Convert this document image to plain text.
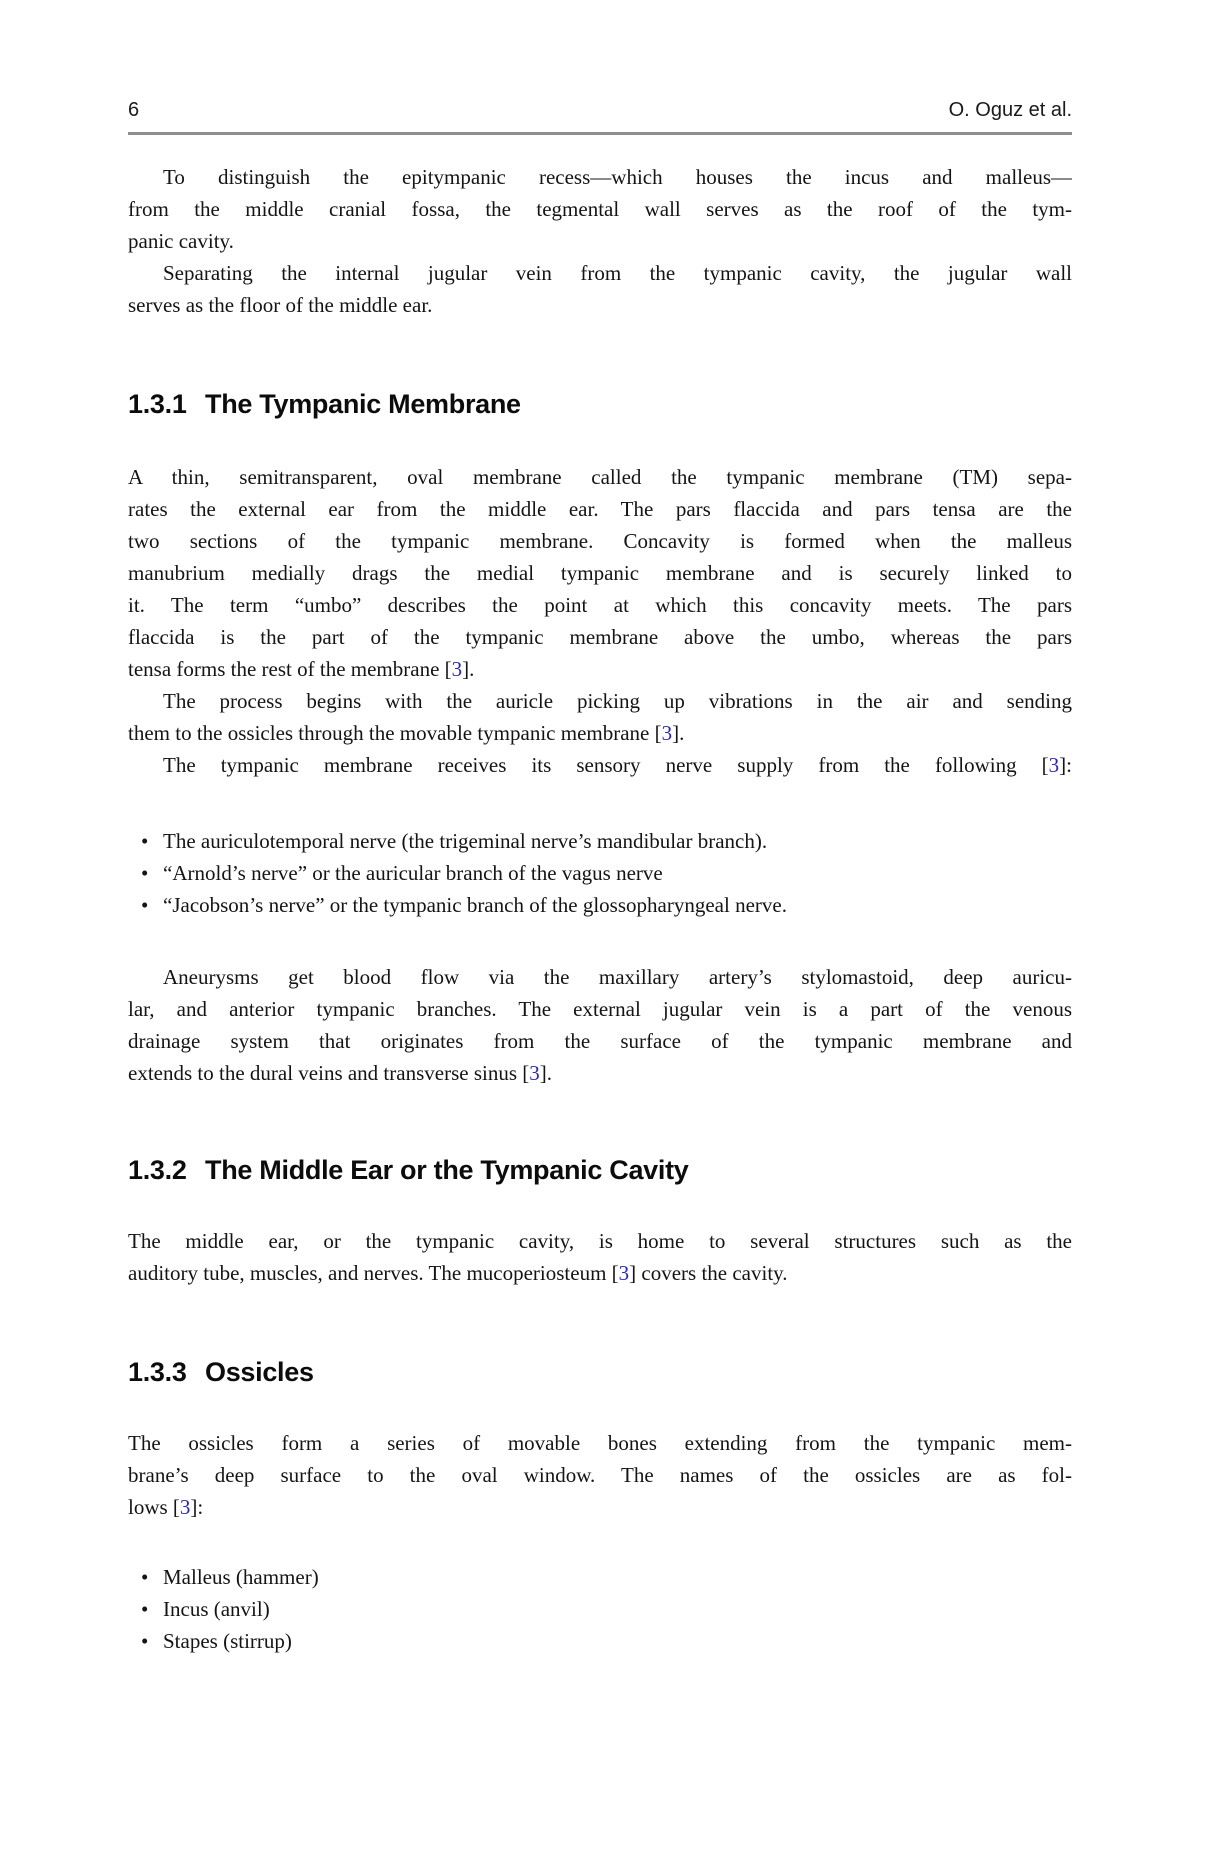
6	O. Oguz et al.
To distinguish the epitympanic recess—which houses the incus and malleus—
from the middle cranial fossa, the tegmental wall serves as the roof of the tym-
panic cavity.
Separating the internal jugular vein from the tympanic cavity, the jugular wall
serves as the floor of the middle ear.
1.3.1 The Tympanic Membrane
A thin, semitransparent, oval membrane called the tympanic membrane (TM) sepa-
rates the external ear from the middle ear. The pars flaccida and pars tensa are the
two sections of the tympanic membrane. Concavity is formed when the malleus
manubrium medially drags the medial tympanic membrane and is securely linked to
it. The term “umbo” describes the point at which this concavity meets. The pars
flaccida is the part of the tympanic membrane above the umbo, whereas the pars
tensa forms the rest of the membrane [3].
The process begins with the auricle picking up vibrations in the air and sending
them to the ossicles through the movable tympanic membrane [3].
The tympanic membrane receives its sensory nerve supply from the following [3]:
• The auriculotemporal nerve (the trigeminal nerve’s mandibular branch).
• “Arnold’s nerve” or the auricular branch of the vagus nerve
• “Jacobson’s nerve” or the tympanic branch of the glossopharyngeal nerve.
Aneurysms get blood flow via the maxillary artery’s stylomastoid, deep auricu-
lar, and anterior tympanic branches. The external jugular vein is a part of the venous
drainage system that originates from the surface of the tympanic membrane and
extends to the dural veins and transverse sinus [3].
1.3.2 The Middle Ear or the Tympanic Cavity
The middle ear, or the tympanic cavity, is home to several structures such as the
auditory tube, muscles, and nerves. The mucoperiosteum [3] covers the cavity.
1.3.3 Ossicles
The ossicles form a series of movable bones extending from the tympanic mem-
brane’s deep surface to the oval window. The names of the ossicles are as fol-
lows [3]:
• Malleus (hammer)
• Incus (anvil)
• Stapes (stirrup)
